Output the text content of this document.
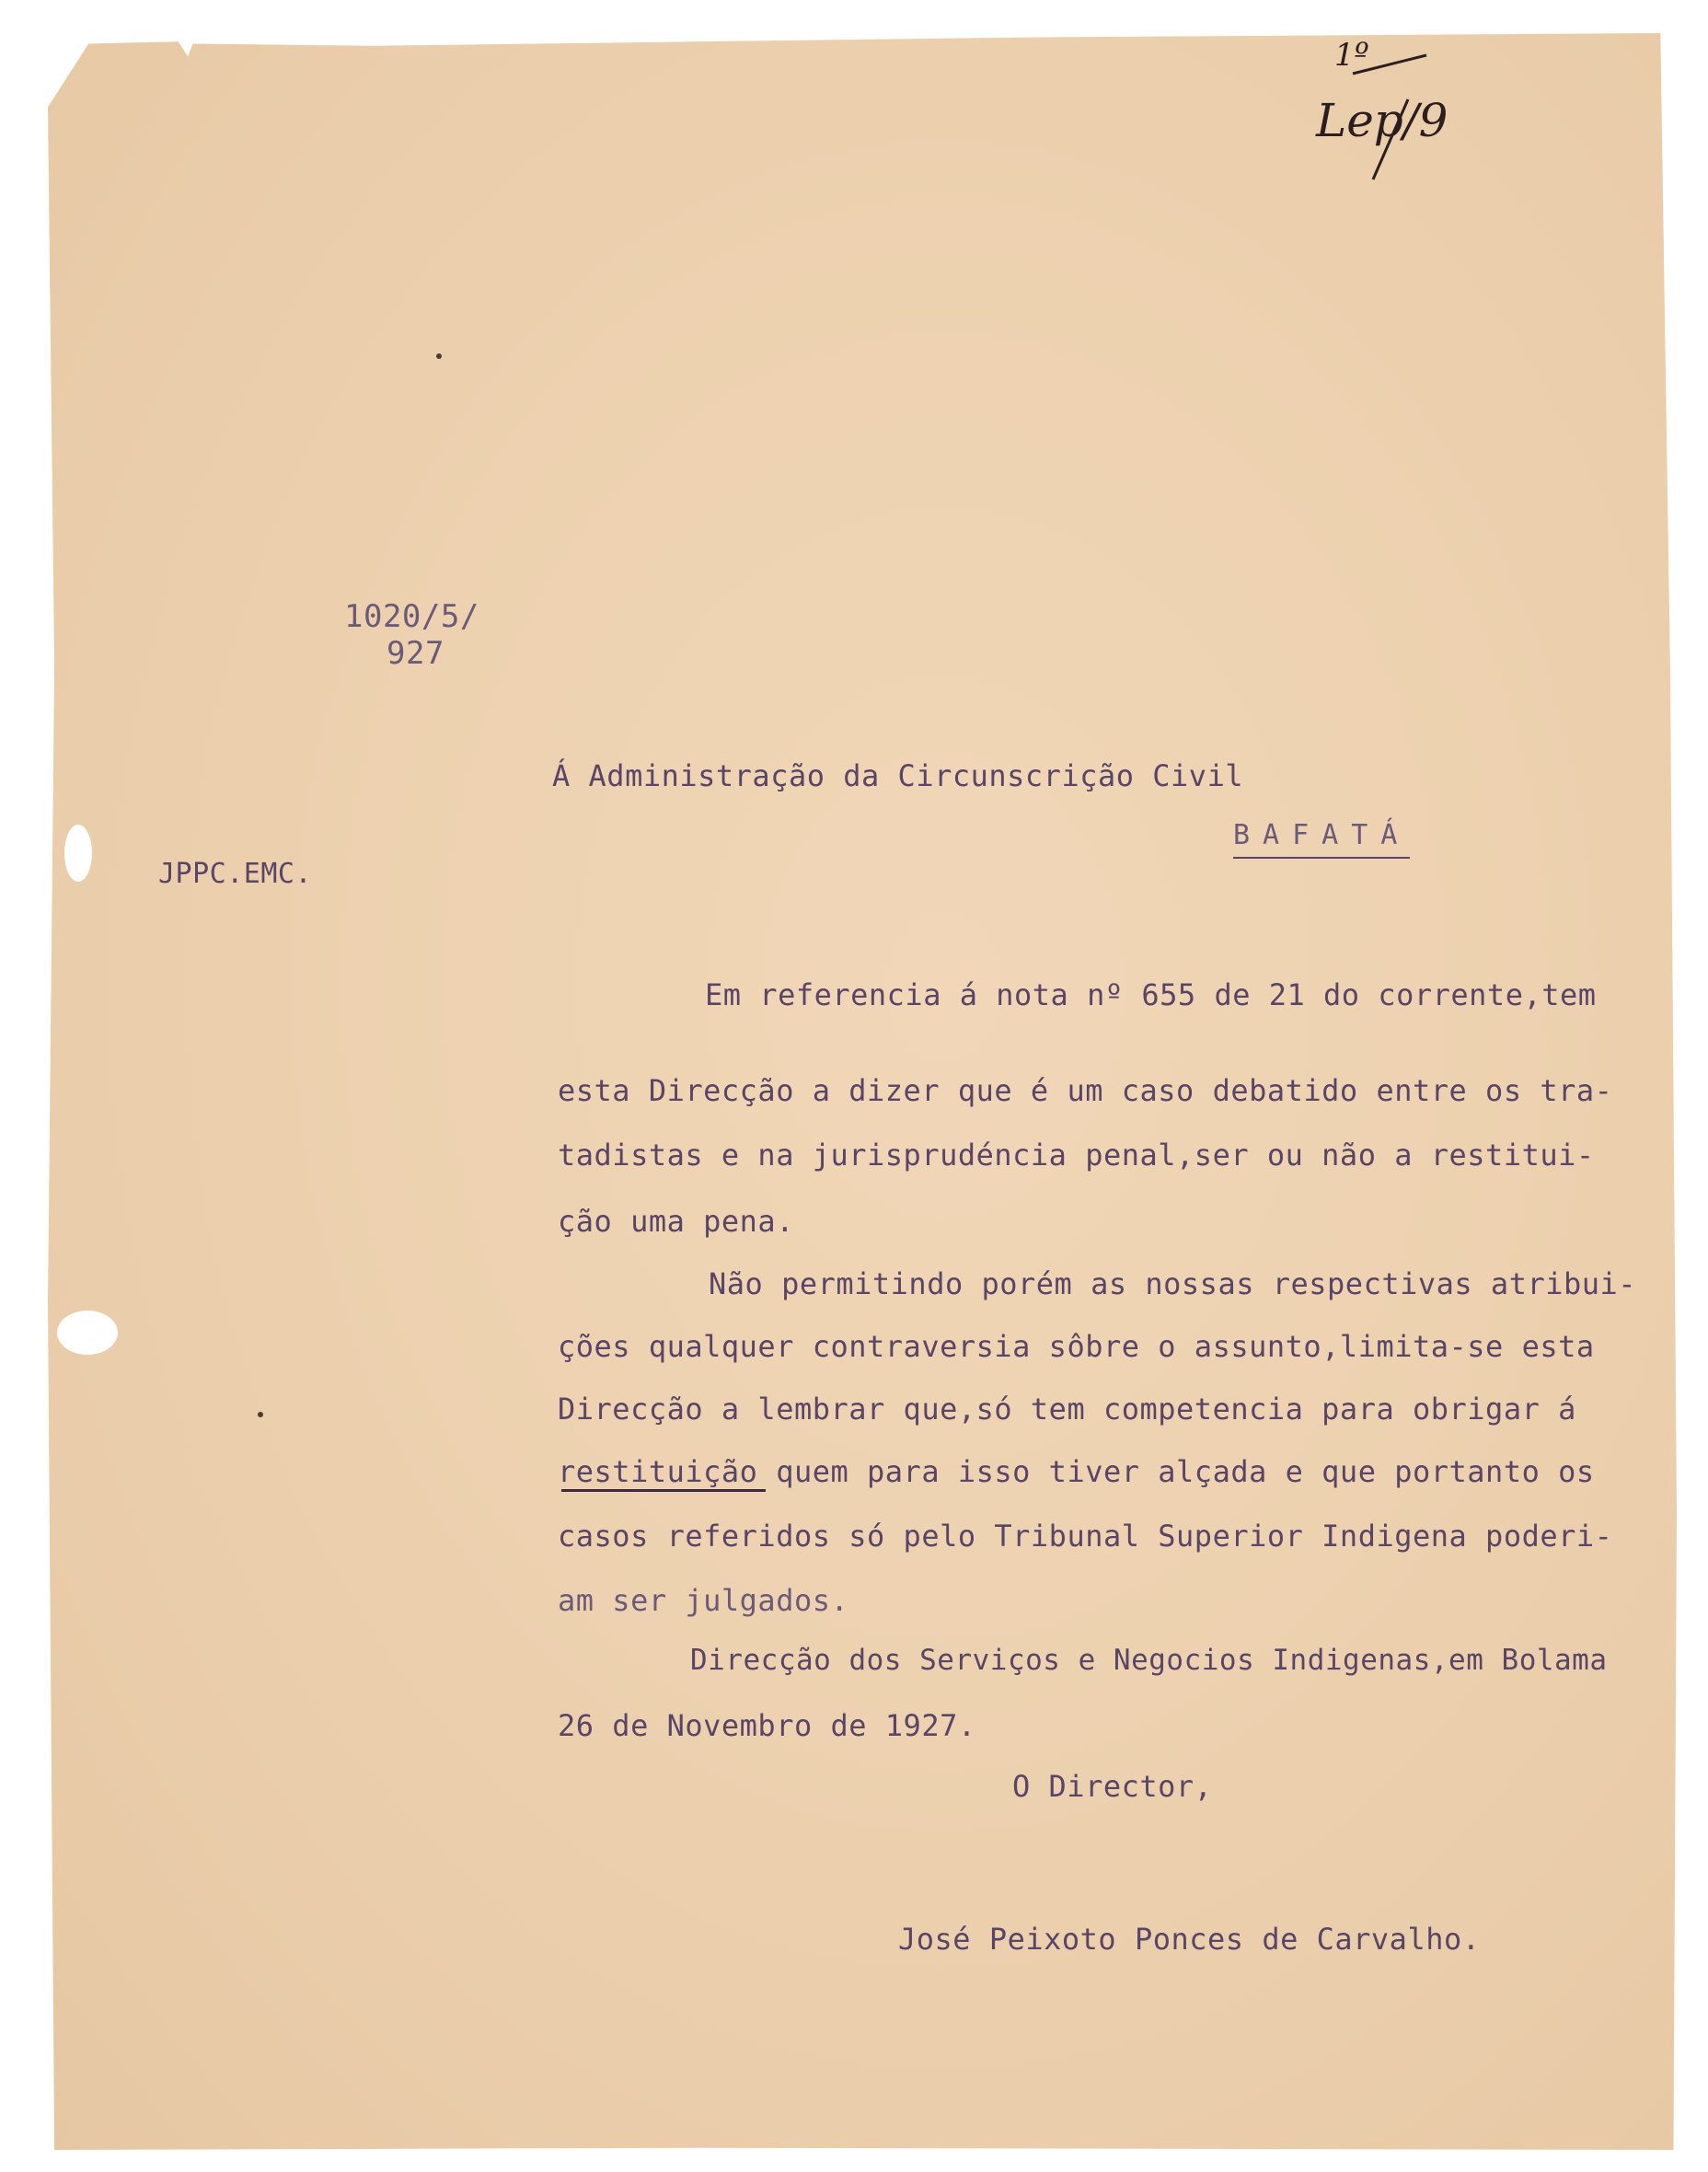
1º
Lep/9
1020/5/
927
JPPC.EMC.
Á Administração da Circunscrição Civil
BAFATÁ
Em referencia á nota nº 655 de 21 do corrente,tem
esta Direcção a dizer que é um caso debatido entre os tra-
tadistas e na jurisprudéncia penal,ser ou não a restitui-
ção uma pena.
Não permitindo porém as nossas respectivas atribui-
ções qualquer contraversia sôbre o assunto,limita-se esta
Direcção a lembrar que,só tem competencia para obrigar á
restituição quem para isso tiver alçada e que portanto os
casos referidos só pelo Tribunal Superior Indigena poderi-
am ser julgados.
Direcção dos Serviços e Negocios Indigenas,em Bolama
26 de Novembro de 1927.
O Director,
José Peixoto Ponces de Carvalho.
